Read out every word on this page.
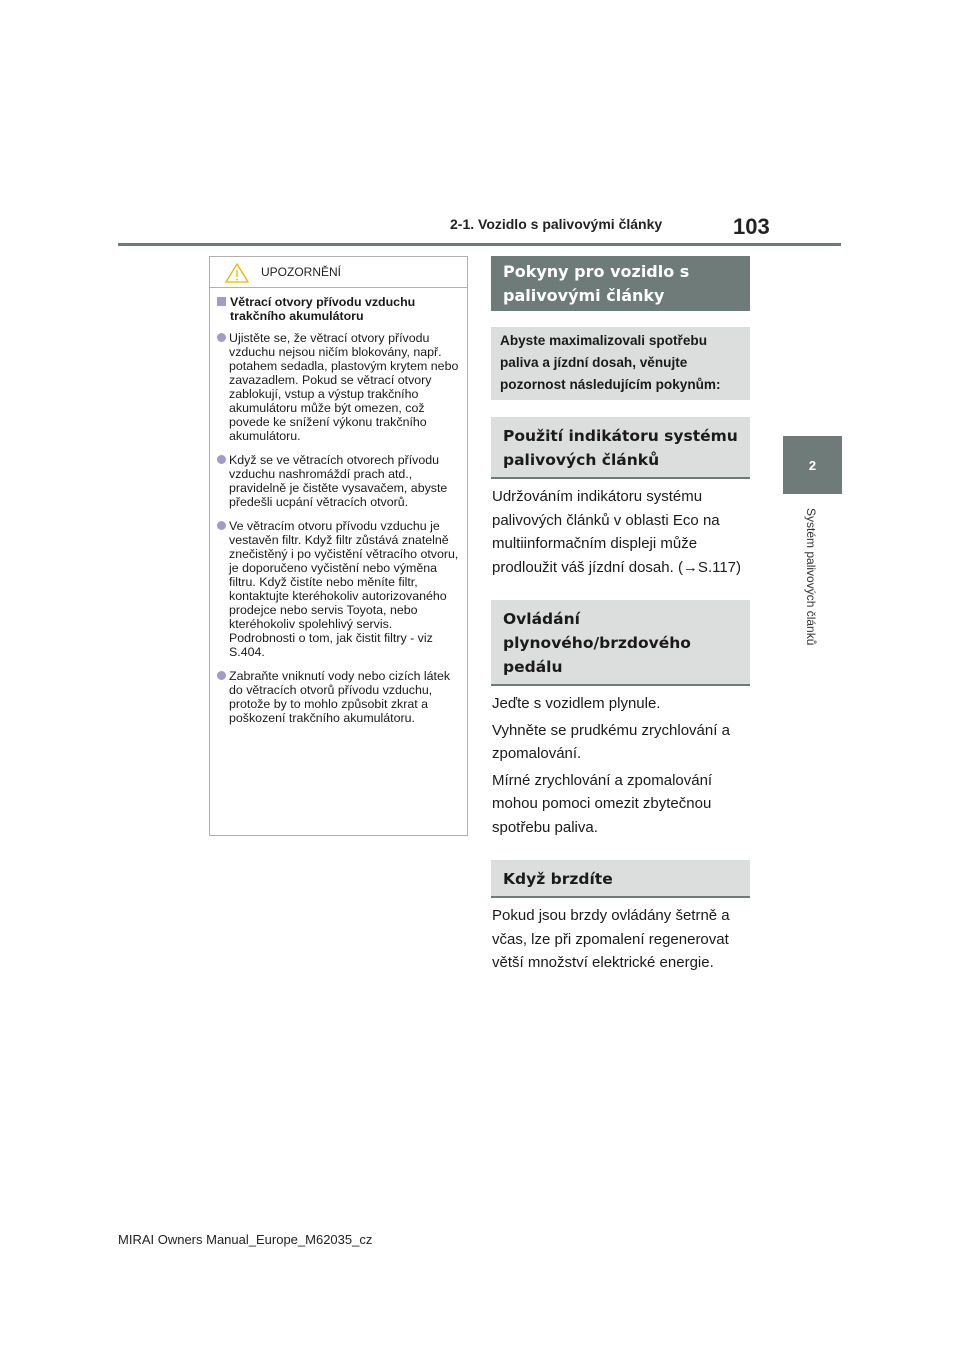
2-1. Vozidlo s palivovými články	103
2
Systém palivových článků
UPOZORNĚNÍ
Větrací otvory přívodu vzduchu trakčního akumulátoru

Ujistěte se, že větrací otvory přívodu vzduchu nejsou ničím blokovány, např. potahem sedadla, plastovým krytem nebo zavazadlem. Pokud se větrací otvory zablokují, vstup a výstup trakčního akumulátoru může být omezen, což povede ke snížení výkonu trakčního akumulátoru.

Když se ve větracích otvorech přívodu vzduchu nashromáždí prach atd., pravidelně je čistěte vysavačem, abyste předešli ucpání větracích otvorů.

Ve větracím otvoru přívodu vzduchu je vestavěn filtr. Když filtr zůstává znatelně znečistěný i po vyčistění větracího otvoru, je doporučeno vyčistění nebo výměna filtru. Když čistíte nebo měníte filtr, kontaktujte kteréhokoliv autorizovaného prodejce nebo servis Toyota, nebo kteréhokoliv spolehlivý servis.

Podrobnosti o tom, jak čistit filtry - viz S.404.

Zabraňte vniknutí vody nebo cizích látek do větracích otvorů přívodu vzduchu, protože by to mohlo způsobit zkrat a poškození trakčního akumulátoru.

Pokyny pro vozidlo s palivovými články
Abyste maximalizovali spotřebu paliva a jízdní dosah, věnujte pozornost následujícím pokynům:
Použití indikátoru systému palivových článků

Udržováním indikátoru systému palivových článků v oblasti Eco na multiinformačním displeji může prodloužit váš jízdní dosah. (→S.117)

Ovládání plynového/brzdového pedálu

Jeďte s vozidlem plynule.

Vyhněte se prudkému zrychlování a zpomalování.

Mírné zrychlování a zpomalování mohou pomoci omezit zbytečnou spotřebu paliva.

Když brzdíte

Pokud jsou brzdy ovládány šetrně a včas, lze při zpomalení regenerovat větší množství elektrické energie.

MIRAI Owners Manual_Europe_M62035_cz
